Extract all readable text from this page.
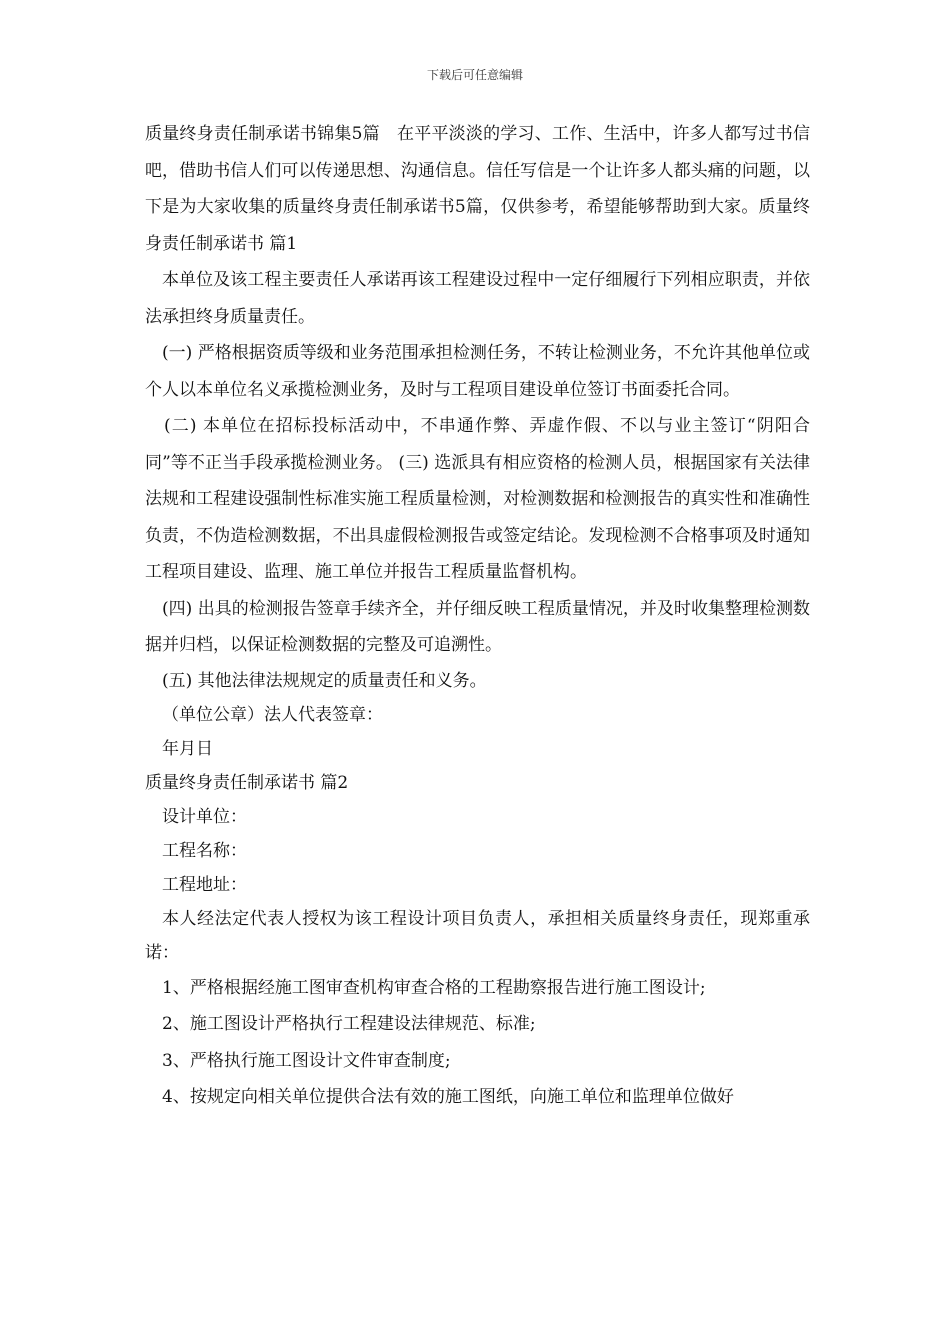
下载后可任意编辑

质量终身责任制承诺书锦集5篇　在平平淡淡的学习、工作、生活中，许多人都写过书信吧，借助书信人们可以传递思想、沟通信息。信任写信是一个让许多人都头痛的问题，以下是为大家收集的质量终身责任制承诺书5篇，仅供参考，希望能够帮助到大家。质量终身责任制承诺书 篇1

本单位及该工程主要责任人承诺再该工程建设过程中一定仔细履行下列相应职责，并依法承担终身质量责任。

(一) 严格根据资质等级和业务范围承担检测任务，不转让检测业务，不允许其他单位或个人以本单位名义承揽检测业务，及时与工程项目建设单位签订书面委托合同。

(二) 本单位在招标投标活动中，不串通作弊、弄虚作假、不以与业主签订“阴阳合同”等不正当手段承揽检测业务。 (三) 选派具有相应资格的检测人员，根据国家有关法律法规和工程建设强制性标准实施工程质量检测，对检测数据和检测报告的真实性和准确性负责，不伪造检测数据，不出具虚假检测报告或签定结论。发现检测不合格事项及时通知工程项目建设、监理、施工单位并报告工程质量监督机构。

(四) 出具的检测报告签章手续齐全，并仔细反映工程质量情况，并及时收集整理检测数据并归档，以保证检测数据的完整及可追溯性。

(五) 其他法律法规规定的质量责任和义务。

（单位公章）法人代表签章：

年月日

质量终身责任制承诺书 篇2

设计单位：

工程名称：

工程地址：

本人经法定代表人授权为该工程设计项目负责人，承担相关质量终身责任，现郑重承诺：

1、严格根据经施工图审查机构审查合格的工程勘察报告进行施工图设计;

2、施工图设计严格执行工程建设法律规范、标准;

3、严格执行施工图设计文件审查制度;

4、按规定向相关单位提供合法有效的施工图纸，向施工单位和监理单位做好
